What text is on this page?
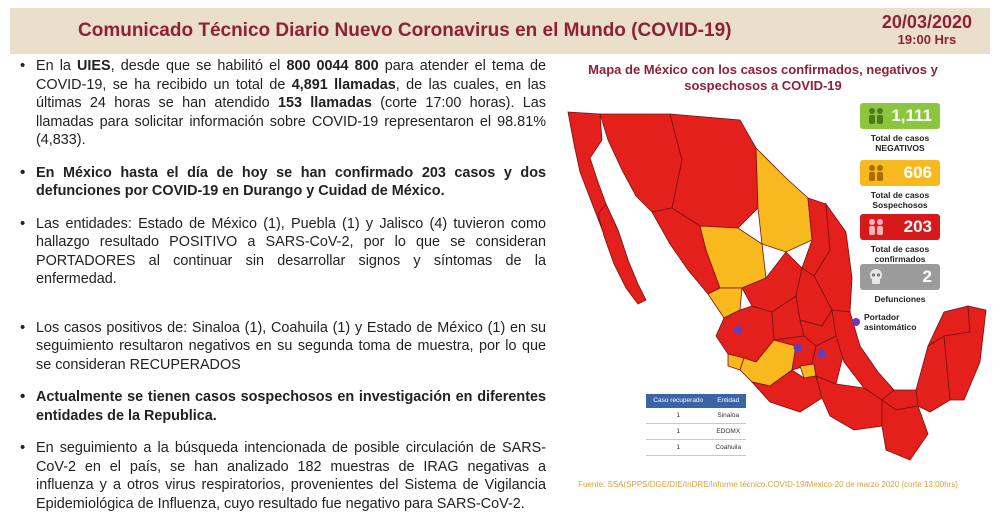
Comunicado Técnico Diario Nuevo Coronavirus en el Mundo (COVID-19)	20/03/2020
19:00 Hrs
• En la UIES, desde que se habilitó el 800 0044 800 para atender el tema de COVID-19, se ha recibido un total de 4,891 llamadas, de las cuales, en las últimas 24 horas se han atendido 153 llamadas (corte 17:00 horas). Las llamadas para solicitar información sobre COVID-19 representaron el 98.81% (4,833).
• En México hasta el día de hoy se han confirmado 203 casos y dos defunciones por COVID-19 en Durango y Cuidad de México.
• Las entidades: Estado de México (1), Puebla (1) y Jalisco (4) tuvieron como hallazgo resultado POSITIVO a SARS-CoV-2, por lo que se consideran PORTADORES al continuar sin desarrollar signos y síntomas de la enfermedad.
• Los casos positivos de: Sinaloa (1), Coahuila (1) y Estado de México (1) en su seguimiento resultaron negativos en su segunda toma de muestra, por lo que se consideran RECUPERADOS
• Actualmente se tienen casos sospechosos en investigación en diferentes entidades de la Republica.
• En seguimiento a la búsqueda intencionada de posible circulación de SARS-CoV-2 en el país, se han analizado 182 muestras de IRAG negativas a influenza y a otros virus respiratorios, provenientes del Sistema de Vigilancia Epidemiológica de Influenza, cuyo resultado fue negativo para SARS-CoV-2.
Mapa de México con los casos confirmados, negativos y sospechosos a COVID-19
1,111
Total de casos NEGATIVOS
606
Total de casos Sospechosos
203
Total de casos confirmados
2
Defunciones
Portador asintomático
Caso recuperado	Entidad
1	Sinaloa
1	EDOMX
1	Coahuila
Fuente: SSA(SPPS/DGE/DIE/InDRE/Informe técnico.COVID-19/Mexico-20 de marzo 2020 (corte 13:00hrs)
